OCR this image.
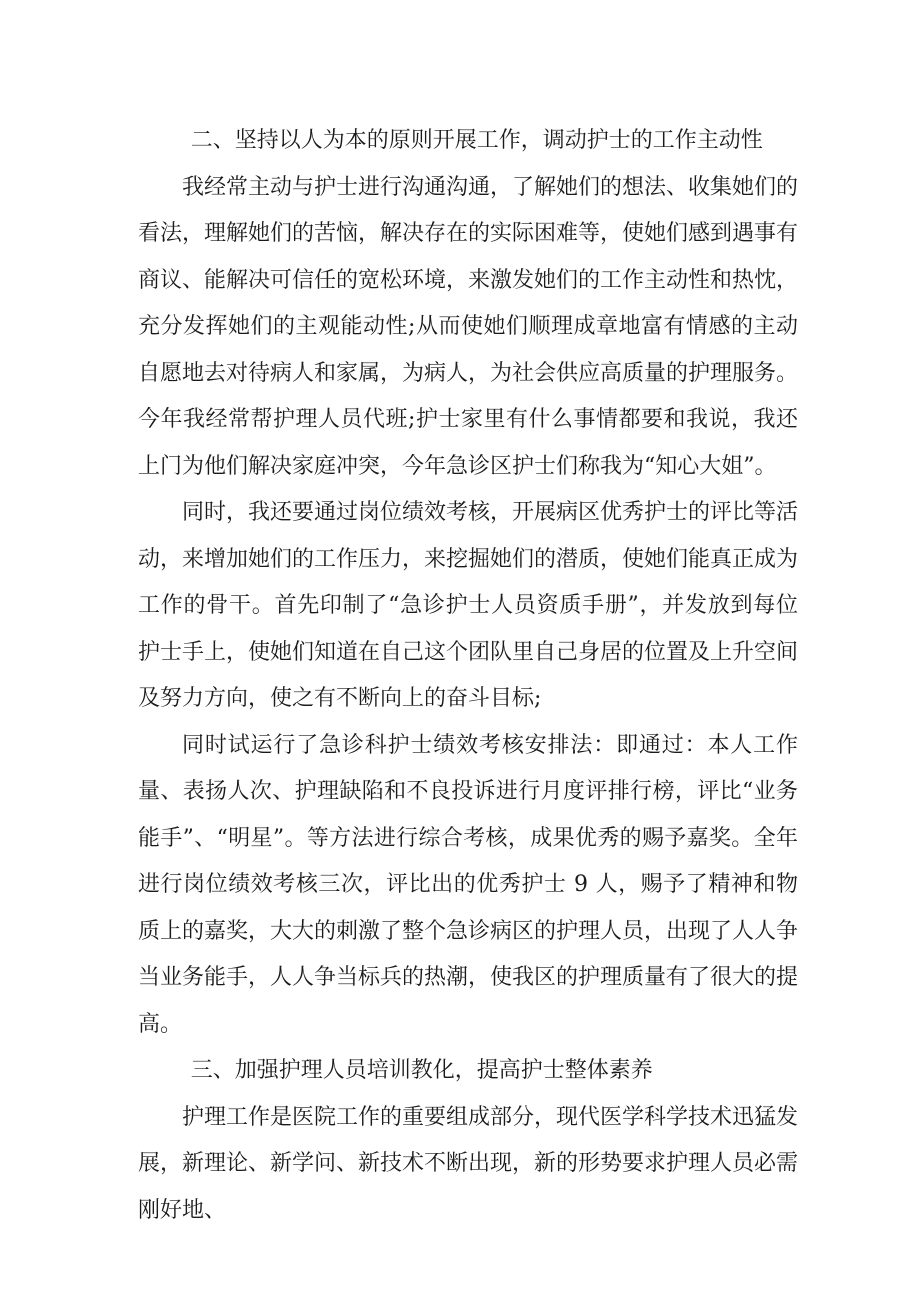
二、坚持以人为本的原则开展工作，调动护士的工作主动性

我经常主动与护士进行沟通沟通，了解她们的想法、收集她们的看法，理解她们的苦恼，解决存在的实际困难等，使她们感到遇事有商议、能解决可信任的宽松环境，来激发她们的工作主动性和热忱，充分发挥她们的主观能动性;从而使她们顺理成章地富有情感的主动自愿地去对待病人和家属，为病人，为社会供应高质量的护理服务。今年我经常帮护理人员代班;护士家里有什么事情都要和我说，我还上门为他们解决家庭冲突，今年急诊区护士们称我为“知心大姐”。

同时，我还要通过岗位绩效考核，开展病区优秀护士的评比等活动，来增加她们的工作压力，来挖掘她们的潜质，使她们能真正成为工作的骨干。首先印制了“急诊护士人员资质手册”，并发放到每位护士手上，使她们知道在自己这个团队里自己身居的位置及上升空间及努力方向，使之有不断向上的奋斗目标;

同时试运行了急诊科护士绩效考核安排法：即通过：本人工作量、表扬人次、护理缺陷和不良投诉进行月度评排行榜，评比“业务能手”、“明星”。等方法进行综合考核，成果优秀的赐予嘉奖。全年进行岗位绩效考核三次，评比出的优秀护士 9 人，赐予了精神和物质上的嘉奖，大大的刺激了整个急诊病区的护理人员，出现了人人争当业务能手，人人争当标兵的热潮，使我区的护理质量有了很大的提高。

三、加强护理人员培训教化，提高护士整体素养

护理工作是医院工作的重要组成部分，现代医学科学技术迅猛发展，新理论、新学问、新技术不断出现，新的形势要求护理人员必需刚好地、
